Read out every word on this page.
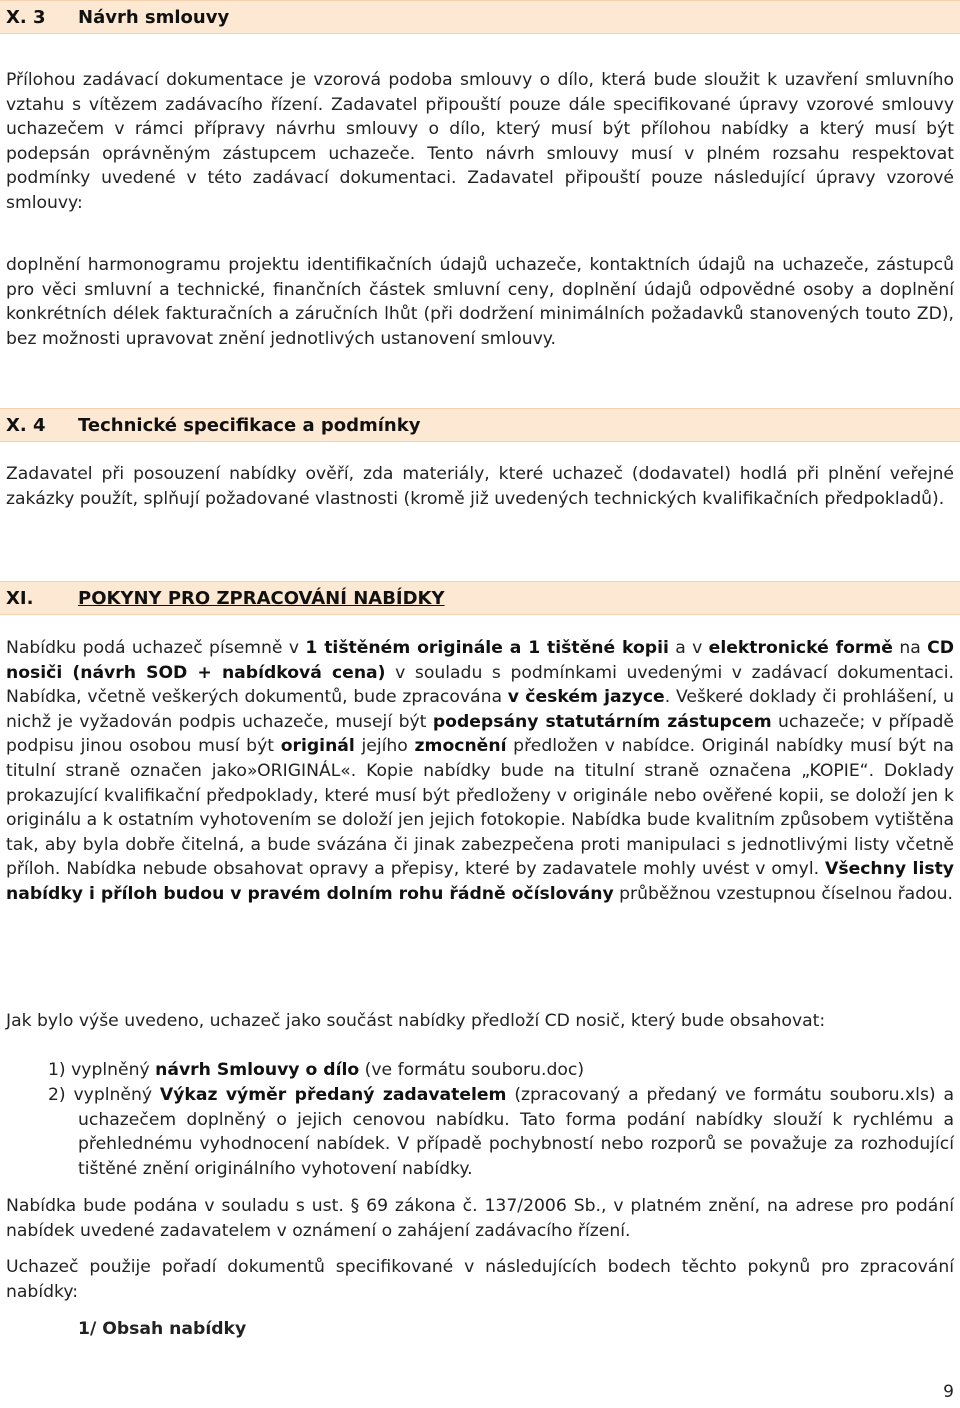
X. 3 Návrh smlouvy

Přílohou zadávací dokumentace je vzorová podoba smlouvy o dílo, která bude sloužit k uzavření smluvního vztahu s vítězem zadávacího řízení. Zadavatel připouští pouze dále specifikované úpravy vzorové smlouvy uchazečem v rámci přípravy návrhu smlouvy o dílo, který musí být přílohou nabídky a který musí být podepsán oprávněným zástupcem uchazeče. Tento návrh smlouvy musí v plném rozsahu respektovat podmínky uvedené v této zadávací dokumentaci. Zadavatel připouští pouze následující úpravy vzorové smlouvy:

doplnění harmonogramu projektu identifikačních údajů uchazeče, kontaktních údajů na uchazeče, zástupců pro věci smluvní a technické, finančních částek smluvní ceny, doplnění údajů odpovědné osoby a doplnění konkrétních délek fakturačních a záručních lhůt (při dodržení minimálních požadavků stanovených touto ZD), bez možnosti upravovat znění jednotlivých ustanovení smlouvy.

X. 4 Technické specifikace a podmínky

Zadavatel při posouzení nabídky ověří, zda materiály, které uchazeč (dodavatel) hodlá při plnění veřejné zakázky použít, splňují požadované vlastnosti (kromě již uvedených technických kvalifikačních předpokladů).

XI. POKYNY PRO ZPRACOVÁNÍ NABÍDKY

Nabídku podá uchazeč písemně v 1 tištěném originále a 1 tištěné kopii a v elektronické formě na CD nosiči (návrh SOD + nabídková cena) v souladu s podmínkami uvedenými v zadávací dokumentaci. Nabídka, včetně veškerých dokumentů, bude zpracována v českém jazyce. Veškeré doklady či prohlášení, u nichž je vyžadován podpis uchazeče, musejí být podepsány statutárním zástupcem uchazeče; v případě podpisu jinou osobou musí být originál jejího zmocnění předložen v nabídce. Originál nabídky musí být na titulní straně označen jako»ORIGINÁL«. Kopie nabídky bude na titulní straně označena „KOPIE“. Doklady prokazující kvalifikační předpoklady, které musí být předloženy v originále nebo ověřené kopii, se doloží jen k originálu a k ostatním vyhotovením se doloží jen jejich fotokopie. Nabídka bude kvalitním způsobem vytištěna tak, aby byla dobře čitelná, a bude svázána či jinak zabezpečena proti manipulaci s jednotlivými listy včetně příloh. Nabídka nebude obsahovat opravy a přepisy, které by zadavatele mohly uvést v omyl. Všechny listy nabídky i příloh budou v pravém dolním rohu řádně očíslovány průběžnou vzestupnou číselnou řadou.

Jak bylo výše uvedeno, uchazeč jako součást nabídky předloží CD nosič, který bude obsahovat:

1) vyplněný návrh Smlouvy o dílo (ve formátu souboru.doc)

2) vyplněný Výkaz výměr předaný zadavatelem (zpracovaný a předaný ve formátu souboru.xls) a uchazečem doplněný o jejich cenovou nabídku. Tato forma podání nabídky slouží k rychlému a přehlednému vyhodnocení nabídek. V případě pochybností nebo rozporů se považuje za rozhodující tištěné znění originálního vyhotovení nabídky.

Nabídka bude podána v souladu s ust. § 69 zákona č. 137/2006 Sb., v platném znění, na adrese pro podání nabídek uvedené zadavatelem v oznámení o zahájení zadávacího řízení.

Uchazeč použije pořadí dokumentů specifikované v následujících bodech těchto pokynů pro zpracování nabídky:

1/ Obsah nabídky

9
